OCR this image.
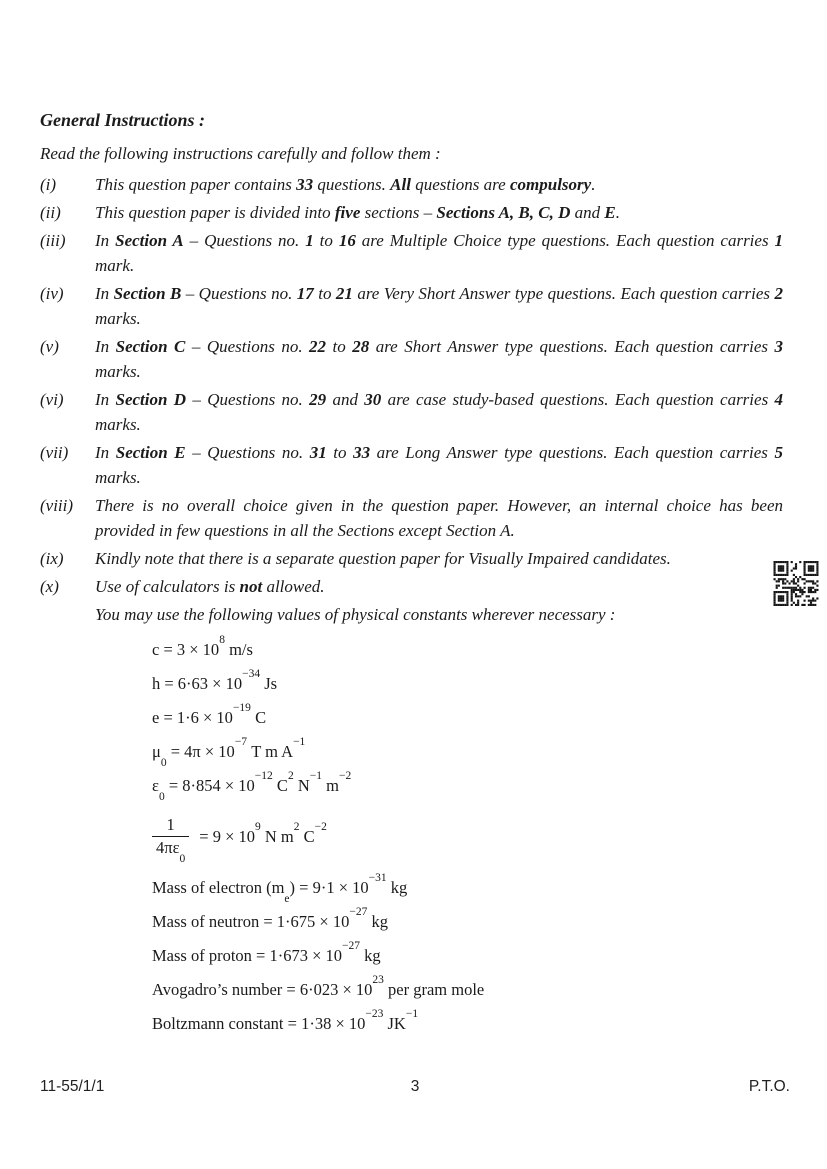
General Instructions :
Read the following instructions carefully and follow them :
(i)	This question paper contains 33 questions. All questions are compulsory.
(ii)	This question paper is divided into five sections – Sections A, B, C, D and E.
(iii)	In Section A – Questions no. 1 to 16 are Multiple Choice type questions. Each question carries 1 mark.
(iv)	In Section B – Questions no. 17 to 21 are Very Short Answer type questions. Each question carries 2 marks.
(v)	In Section C – Questions no. 22 to 28 are Short Answer type questions. Each question carries 3 marks.
(vi)	In Section D – Questions no. 29 and 30 are case study-based questions. Each question carries 4 marks.
(vii)	In Section E – Questions no. 31 to 33 are Long Answer type questions. Each question carries 5 marks.
(viii)	There is no overall choice given in the question paper. However, an internal choice has been provided in few questions in all the Sections except Section A.
(ix)	Kindly note that there is a separate question paper for Visually Impaired candidates.
(x)	Use of calculators is not allowed.
You may use the following values of physical constants wherever necessary :
$c = 3 \times 10^8$ m/s
$h = 6\cdot 63 \times 10^{-34}$ Js
$e = 1\cdot 6 \times 10^{-19}$ C
$\mu_0 = 4\pi \times 10^{-7}$ T m $A^{-1}$
$\varepsilon_0 = 8\cdot 854 \times 10^{-12}$ $C^2$ $N^{-1}$ $m^{-2}$
$\frac{1}{4\pi\varepsilon_0} = 9 \times 10^9$ N $m^2$ $C^{-2}$
Mass of electron $(m_e) = 9\cdot 1 \times 10^{-31}$ kg
Mass of neutron = $1\cdot 675 \times 10^{-27}$ kg
Mass of proton = $1\cdot 673 \times 10^{-27}$ kg
Avogadro’s number = $6\cdot 023 \times 10^{23}$ per gram mole
Boltzmann constant = $1\cdot 38 \times 10^{-23}$ $JK^{-1}$
11-55/1/1	3	P.T.O.
